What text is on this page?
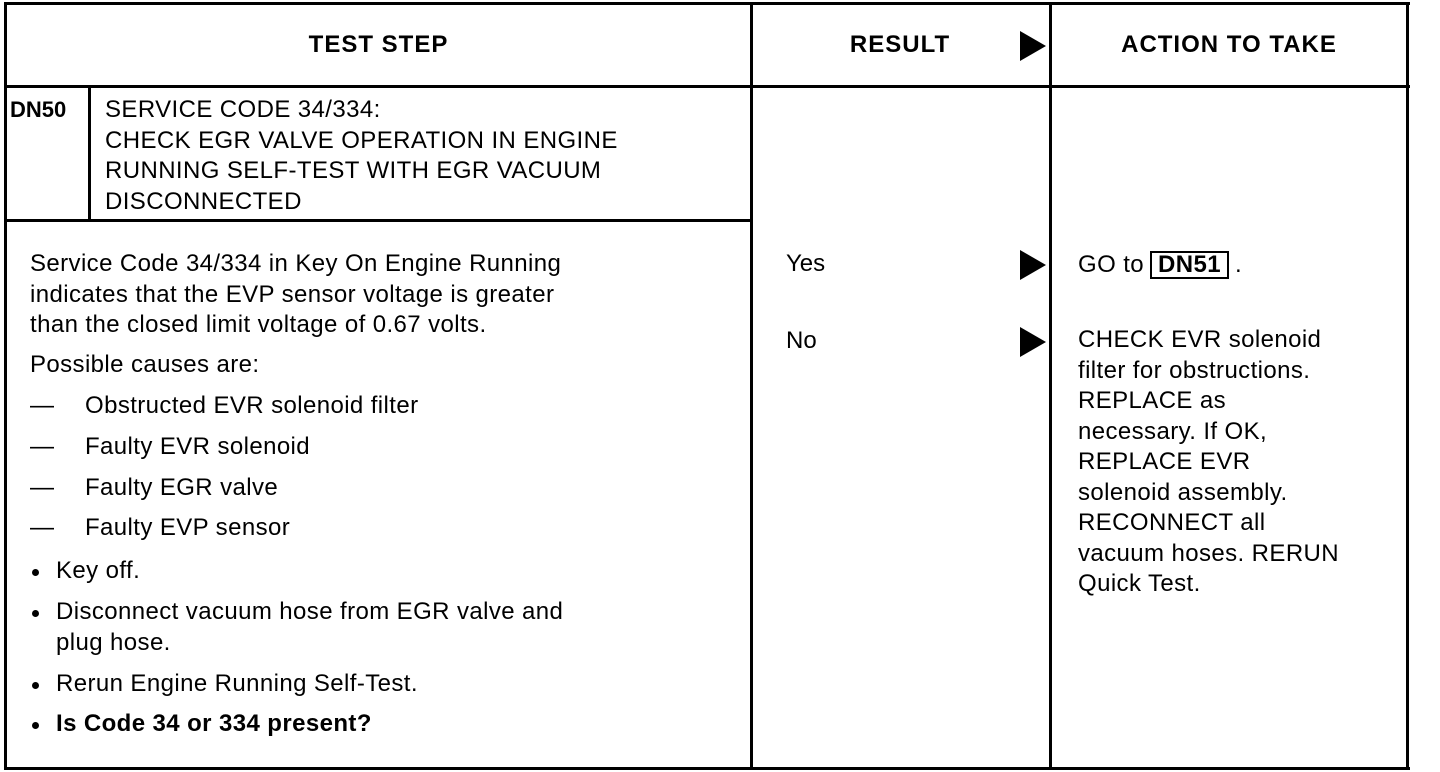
TEST STEP	RESULT	ACTION TO TAKE
DN50 SERVICE CODE 34/334:
CHECK EGR VALVE OPERATION IN ENGINE
RUNNING SELF-TEST WITH EGR VACUUM
DISCONNECTED
Service Code 34/334 in Key On Engine Running
indicates that the EVP sensor voltage is greater
than the closed limit voltage of 0.67 volts.
Possible causes are:
— Obstructed EVR solenoid filter
— Faulty EVR solenoid
— Faulty EGR valve
— Faulty EVP sensor
Key off.
Disconnect vacuum hose from EGR valve and
plug hose.
Rerun Engine Running Self-Test.
Is Code 34 or 334 present?
Yes
No
GO to DN51 .
CHECK EVR solenoid
filter for obstructions.
REPLACE as
necessary. If OK,
REPLACE EVR
solenoid assembly.
RECONNECT all
vacuum hoses. RERUN
Quick Test.
